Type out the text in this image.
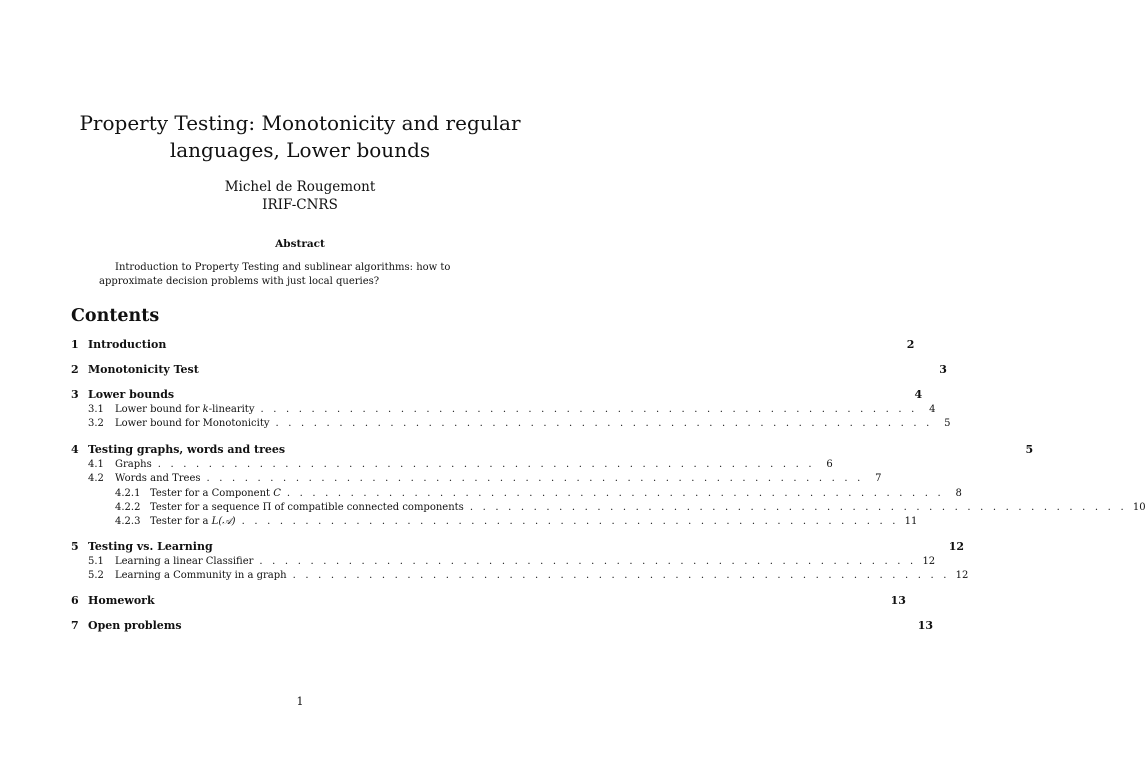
Property Testing: Monotonicity and regular languages, Lower bounds
Michel de Rougemont
IRIF-CNRS
Abstract
Introduction to Property Testing and sublinear algorithms: how to approximate decision problems with just local queries?
Contents
1 Introduction	2
2 Monotonicity Test	3
3 Lower bounds	4
3.1	Lower bound for k-linearity . . . . . . . . . . . . . . . . . . . . . . . . . . . . . . . . . . . . . . . . . . . . . . . . . . . .	4
3.2	Lower bound for Monotonicity . . . . . . . . . . . . . . . . . . . . . . . . . . . . . . . . . . . . . . . . . . . . . . . . . . . .	5
4 Testing graphs, words and trees	5
4.1	Graphs . . . . . . . . . . . . . . . . . . . . . . . . . . . . . . . . . . . . . . . . . . . . . . . . . . . .	6
4.2	Words and Trees . . . . . . . . . . . . . . . . . . . . . . . . . . . . . . . . . . . . . . . . . . . . . . . . . . . .	7
4.2.1 Tester for a Component C . . . . . . . . . . . . . . . . . . . . . . . . . . . . . . . . . . . . . . . . . . . . . . . . . . . .	8
4.2.2 Tester for a sequence Π of compatible connected components . . . . . . . . . . . . . . . . . . . . . . . . . . . . . . . . . . . . . . . . . . . . . . . . . . . . 10
4.2.3 Tester for a L(𝒜) . . . . . . . . . . . . . . . . . . . . . . . . . . . . . . . . . . . . . . . . . . . . . . . . . . . . 11
5 Testing vs. Learning	12
5.1	Learning a linear Classifier . . . . . . . . . . . . . . . . . . . . . . . . . . . . . . . . . . . . . . . . . . . . . . . . . . . . 12
5.2	Learning a Community in a graph . . . . . . . . . . . . . . . . . . . . . . . . . . . . . . . . . . . . . . . . . . . . . . . . . . . . 12
6 Homework	13
7 Open problems	13
1
